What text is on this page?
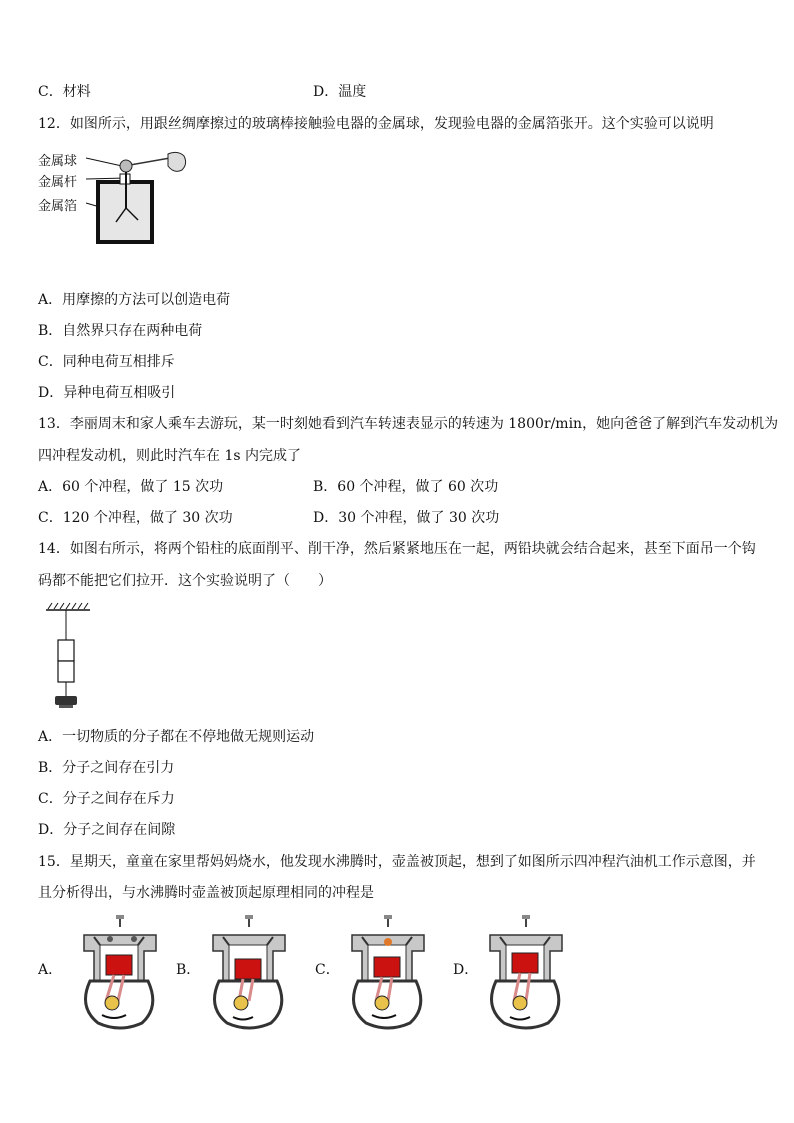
C．材料	D．温度
12．如图所示，用跟丝绸摩擦过的玻璃棒接触验电器的金属球，发现验电器的金属箔张开。这个实验可以说明
金属球
金属杆
金属箔
A．用摩擦的方法可以创造电荷
B．自然界只存在两种电荷
C．同种电荷互相排斥
D．异种电荷互相吸引
13．李丽周末和家人乘车去游玩，某一时刻她看到汽车转速表显示的转速为 1800r/min，她向爸爸了解到汽车发动机为
四冲程发动机，则此时汽车在 1s 内完成了
A．60 个冲程，做了 15 次功	B．60 个冲程，做了 60 次功
C．120 个冲程，做了 30 次功	D．30 个冲程，做了 30 次功
14．如图右所示，将两个铅柱的底面削平、削干净，然后紧紧地压在一起，两铅块就会结合起来，甚至下面吊一个钩
码都不能把它们拉开．这个实验说明了（　　）
A．一切物质的分子都在不停地做无规则运动
B．分子之间存在引力
C．分子之间存在斥力
D．分子之间存在间隙
15．星期天，童童在家里帮妈妈烧水，他发现水沸腾时，壶盖被顶起，想到了如图所示四冲程汽油机工作示意图，并
且分析得出，与水沸腾时壶盖被顶起原理相同的冲程是
A．	B．	C．	D．
